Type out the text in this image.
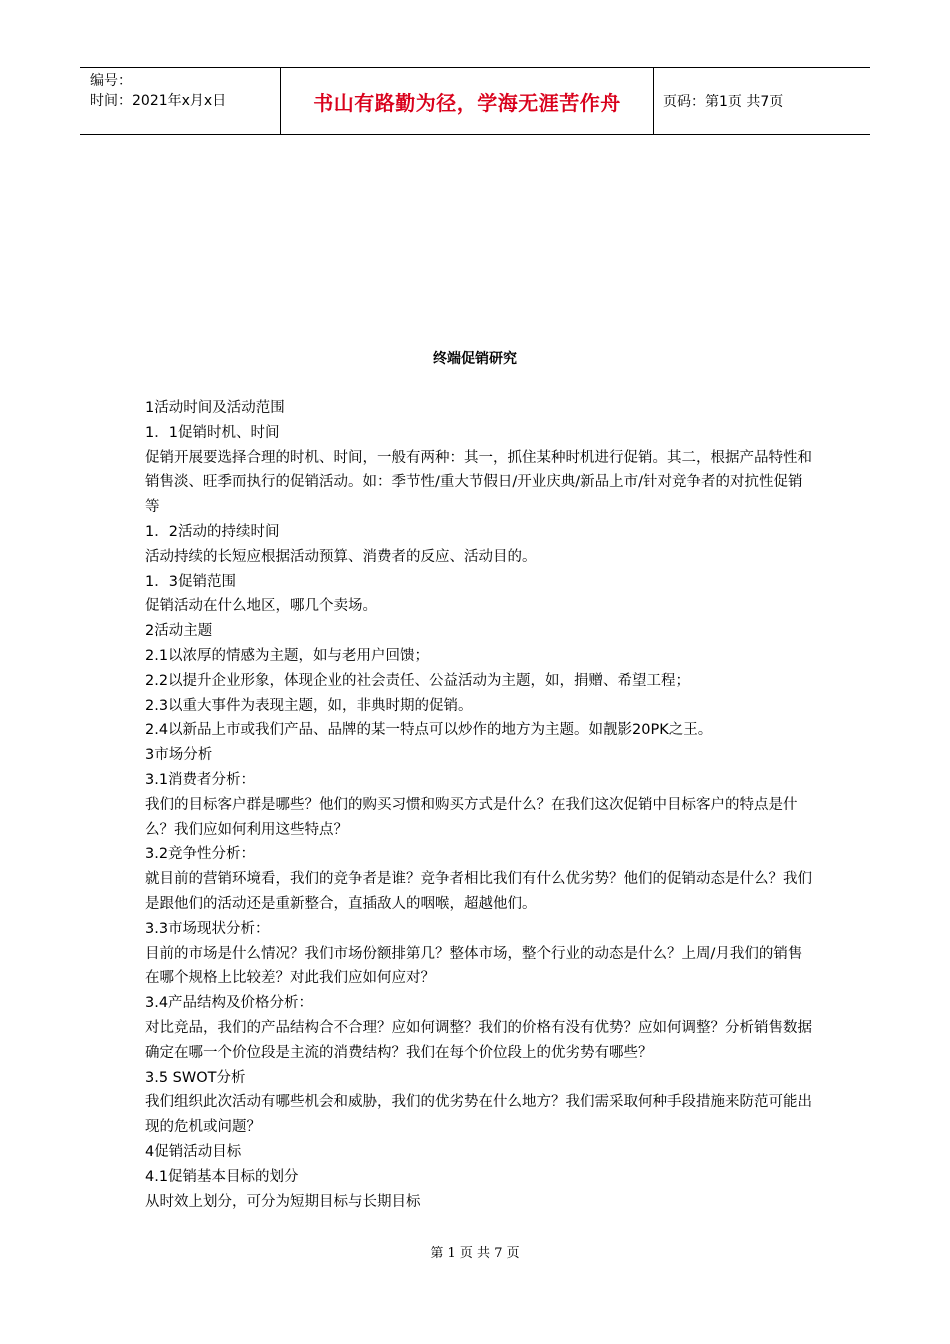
编号：
时间：2021年x月x日	书山有路勤为径，学海无涯苦作舟	页码：第1页 共7页
终端促销研究

1活动时间及活动范围

1．1促销时机、时间

促销开展要选择合理的时机、时间，一般有两种：其一，抓住某种时机进行促销。其二，根据产品特性和销售淡、旺季而执行的促销活动。如：季节性/重大节假日/开业庆典/新品上市/针对竞争者的对抗性促销等

1．2活动的持续时间

活动持续的长短应根据活动预算、消费者的反应、活动目的。

1．3促销范围

促销活动在什么地区，哪几个卖场。

2活动主题

2.1以浓厚的情感为主题，如与老用户回馈；

2.2以提升企业形象，体现企业的社会责任、公益活动为主题，如，捐赠、希望工程；

2.3以重大事件为表现主题，如，非典时期的促销。

2.4以新品上市或我们产品、品牌的某一特点可以炒作的地方为主题。如靓影20PK之王。

3市场分析

3.1消费者分析：

我们的目标客户群是哪些？他们的购买习惯和购买方式是什么？在我们这次促销中目标客户的特点是什么？我们应如何利用这些特点？

3.2竞争性分析：

就目前的营销环境看，我们的竞争者是谁？竞争者相比我们有什么优劣势？他们的促销动态是什么？我们是跟他们的活动还是重新整合，直插敌人的咽喉，超越他们。

3.3市场现状分析：

目前的市场是什么情况？我们市场份额排第几？整体市场，整个行业的动态是什么？上周/月我们的销售在哪个规格上比较差？对此我们应如何应对？

3.4产品结构及价格分析：

对比竞品，我们的产品结构合不合理？应如何调整？我们的价格有没有优势？应如何调整？分析销售数据确定在哪一个价位段是主流的消费结构？我们在每个价位段上的优劣势有哪些？

3.5 SWOT分析

我们组织此次活动有哪些机会和威胁，我们的优劣势在什么地方？我们需采取何种手段措施来防范可能出现的危机或问题？

4促销活动目标

4.1促销基本目标的划分

从时效上划分，可分为短期目标与长期目标

第 1 页 共 7 页
